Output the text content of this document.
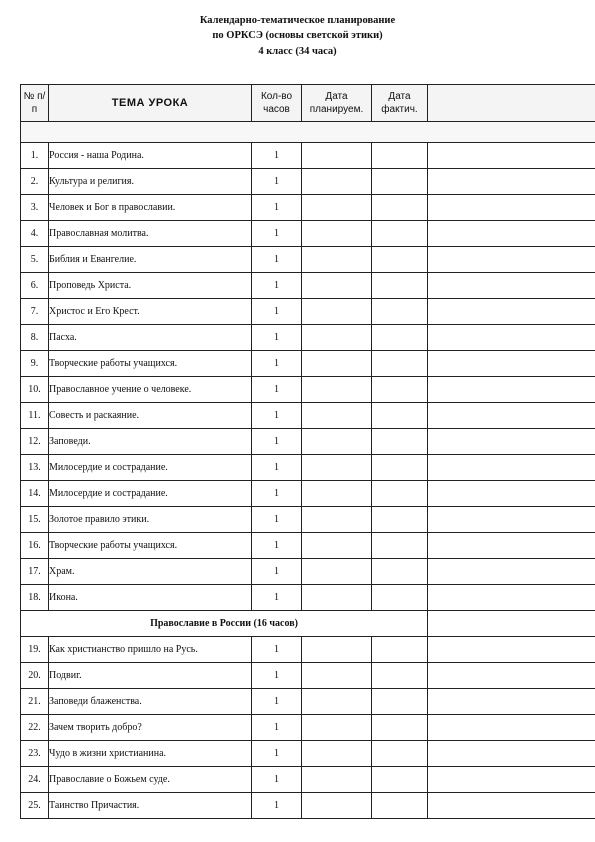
Календарно-тематическое планирование
по ОРКСЭ (основы светской этики)
4 класс (34 часа)
№ п/п	ТЕМА УРОКА	Кол-во часов	Дата планируем.	Дата фактич.	

1.	Россия - наша Родина.	1			
2.	Культура и религия.	1			
3.	Человек и Бог в православии.	1			
4.	Православная молитва.	1			
5.	Библия и Евангелие.	1			
6.	Проповедь Христа.	1			
7.	Христос и Его Крест.	1			
8.	Пасха.	1			
9.	Творческие работы учащихся.	1			
10.	Православное учение о человеке.	1			
11.	Совесть и раскаяние.	1			
12.	Заповеди.	1			
13.	Милосердие и сострадание.	1			
14.	Милосердие и сострадание.	1			
15.	Золотое правило этики.	1			
16.	Творческие работы учащихся.	1			
17.	Храм.	1			
18.	Икона.	1			
Православие в России (16 часов)					
19.	Как христианство пришло на Русь.	1			
20.	Подвиг.	1			
21.	Заповеди блаженства.	1			
22.	Зачем творить добро?	1			
23.	Чудо в жизни христианина.	1			
24.	Православие о Божьем суде.	1			
25.	Таинство Причастия.	1			
